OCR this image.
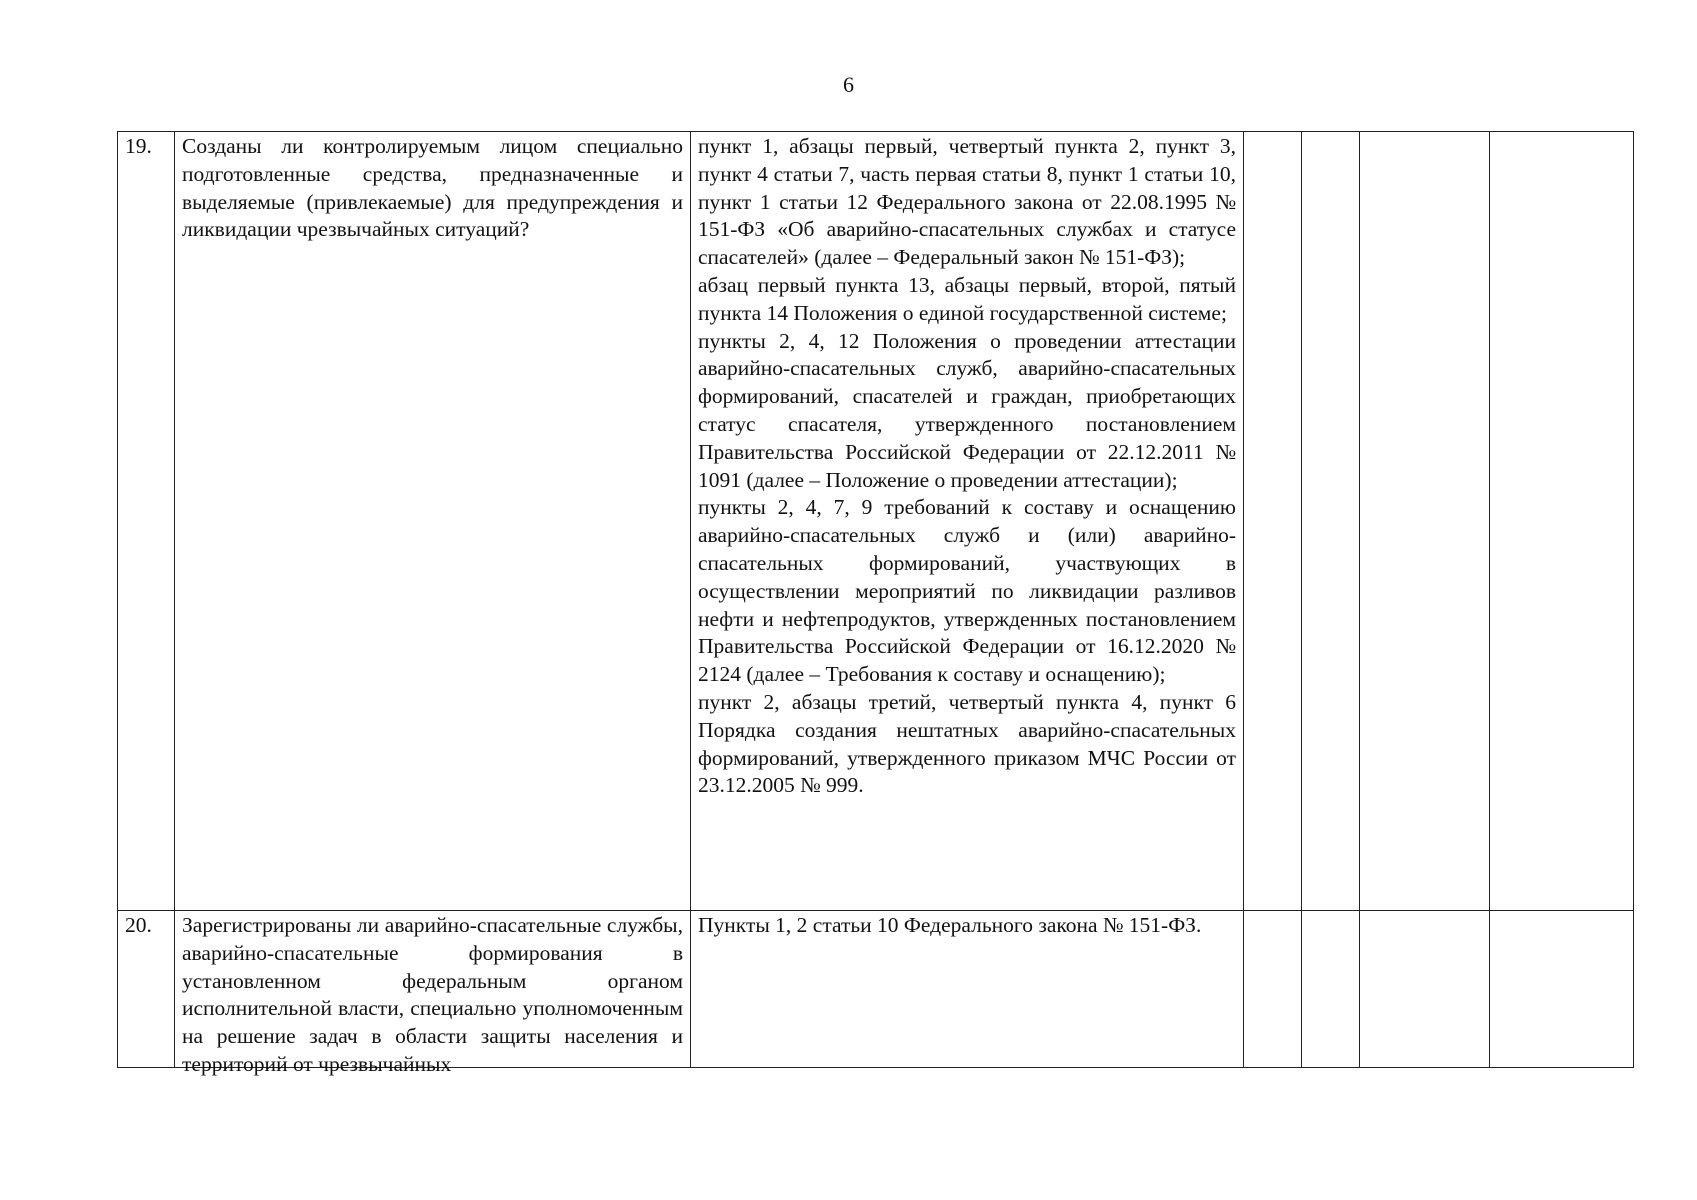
6
19.	Созданы ли контролируемым лицом специально подготовленные средства, предназначенные и выделяемые (привлекаемые) для предупреждения и ликвидации чрезвычайных ситуаций?	пункт 1, абзацы первый, четвертый пункта 2, пункт 3, пункт 4 статьи 7, часть первая статьи 8, пункт 1 статьи 10, пункт 1 статьи 12 Федерального закона от 22.08.1995 № 151-ФЗ «Об аварийно-спасательных службах и статусе спасателей» (далее – Федеральный закон № 151-ФЗ);
абзац первый пункта 13, абзацы первый, второй, пятый пункта 14 Положения о единой государственной системе;
пункты 2, 4, 12 Положения о проведении аттестации аварийно-спасательных служб, аварийно-спасательных формирований, спасателей и граждан, приобретающих статус спасателя, утвержденного постановлением Правительства Российской Федерации от 22.12.2011 № 1091 (далее – Положение о проведении аттестации);
пункты 2, 4, 7, 9 требований к составу и оснащению аварийно-спасательных служб и (или) аварийно-спасательных формирований, участвующих в осуществлении мероприятий по ликвидации разливов нефти и нефтепродуктов, утвержденных постановлением Правительства Российской Федерации от 16.12.2020 № 2124 (далее – Требования к составу и оснащению);
пункт 2, абзацы третий, четвертый пункта 4, пункт 6 Порядка создания нештатных аварийно-спасательных формирований, утвержденного приказом МЧС России от 23.12.2005 № 999.				

20.	Зарегистрированы ли аварийно-спасательные службы, аварийно-спасательные формирования в установленном федеральным органом исполнительной власти, специально уполномоченным на решение задач в области защиты населения и территорий от чрезвычайных	Пункты 1, 2 статьи 10 Федерального закона № 151-ФЗ.				
